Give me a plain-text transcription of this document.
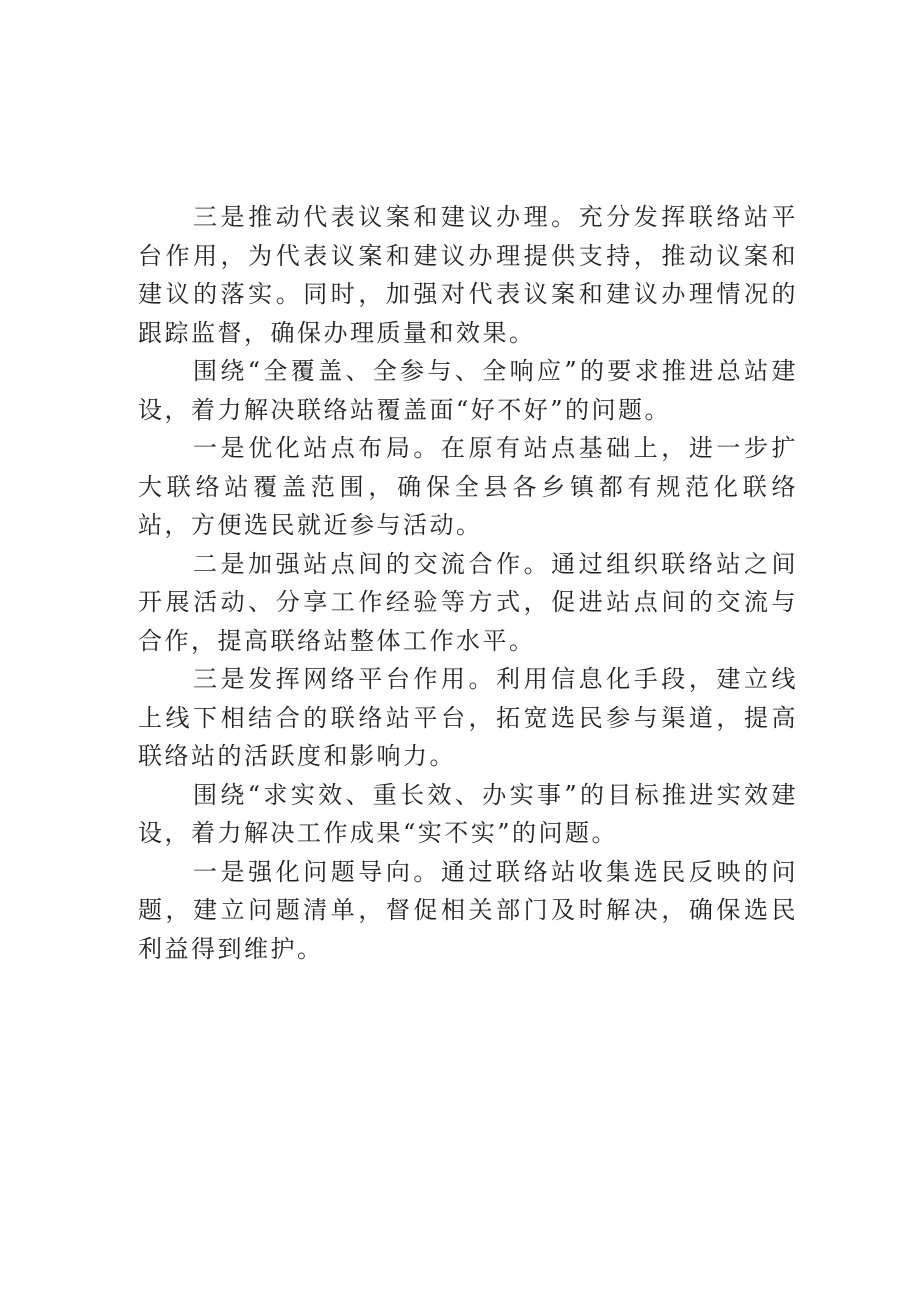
三是推动代表议案和建议办理。充分发挥联络站平台作用，为代表议案和建议办理提供支持，推动议案和建议的落实。同时，加强对代表议案和建议办理情况的跟踪监督，确保办理质量和效果。

围绕“全覆盖、全参与、全响应”的要求推进总站建设，着力解决联络站覆盖面“好不好”的问题。

一是优化站点布局。在原有站点基础上，进一步扩大联络站覆盖范围，确保全县各乡镇都有规范化联络站，方便选民就近参与活动。

二是加强站点间的交流合作。通过组织联络站之间开展活动、分享工作经验等方式，促进站点间的交流与合作，提高联络站整体工作水平。

三是发挥网络平台作用。利用信息化手段，建立线上线下相结合的联络站平台，拓宽选民参与渠道，提高联络站的活跃度和影响力。

围绕“求实效、重长效、办实事”的目标推进实效建设，着力解决工作成果“实不实”的问题。

一是强化问题导向。通过联络站收集选民反映的问题，建立问题清单，督促相关部门及时解决，确保选民利益得到维护。
